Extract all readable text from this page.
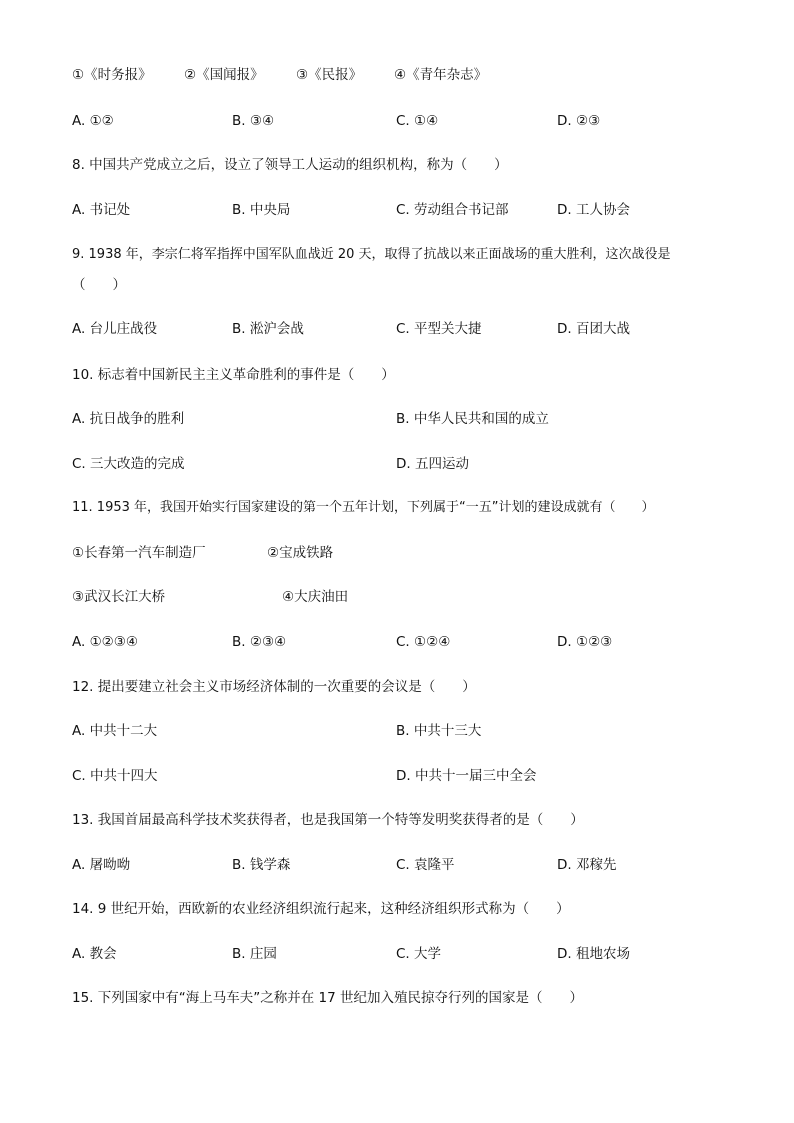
①《时务报》 ②《国闻报》 ③《民报》 ④《青年杂志》
A. ①②	B. ③④	C. ①④	D. ②③
8. 中国共产党成立之后，设立了领导工人运动的组织机构，称为（　　）
A. 书记处	B. 中央局	C. 劳动组合书记部	D. 工人协会
9. 1938 年，李宗仁将军指挥中国军队血战近 20 天，取得了抗战以来正面战场的重大胜利，这次战役是
（　　）
A. 台儿庄战役	B. 淞沪会战	C. 平型关大捷	D. 百团大战
10. 标志着中国新民主主义革命胜利的事件是（　　）
A. 抗日战争的胜利	B. 中华人民共和国的成立
C. 三大改造的完成	D. 五四运动
11. 1953 年，我国开始实行国家建设的第一个五年计划，下列属于“一五”计划的建设成就有（　　）
①长春第一汽车制造厂	②宝成铁路
③武汉长江大桥	④大庆油田
A. ①②③④	B. ②③④	C. ①②④	D. ①②③
12. 提出要建立社会主义市场经济体制的一次重要的会议是（　　）
A. 中共十二大	B. 中共十三大
C. 中共十四大	D. 中共十一届三中全会
13. 我国首届最高科学技术奖获得者，也是我国第一个特等发明奖获得者的是（　　）
A. 屠呦呦	B. 钱学森	C. 袁隆平	D. 邓稼先
14. 9 世纪开始，西欧新的农业经济组织流行起来，这种经济组织形式称为（　　）
A. 教会	B. 庄园	C. 大学	D. 租地农场
15. 下列国家中有“海上马车夫”之称并在 17 世纪加入殖民掠夺行列的国家是（　　）
